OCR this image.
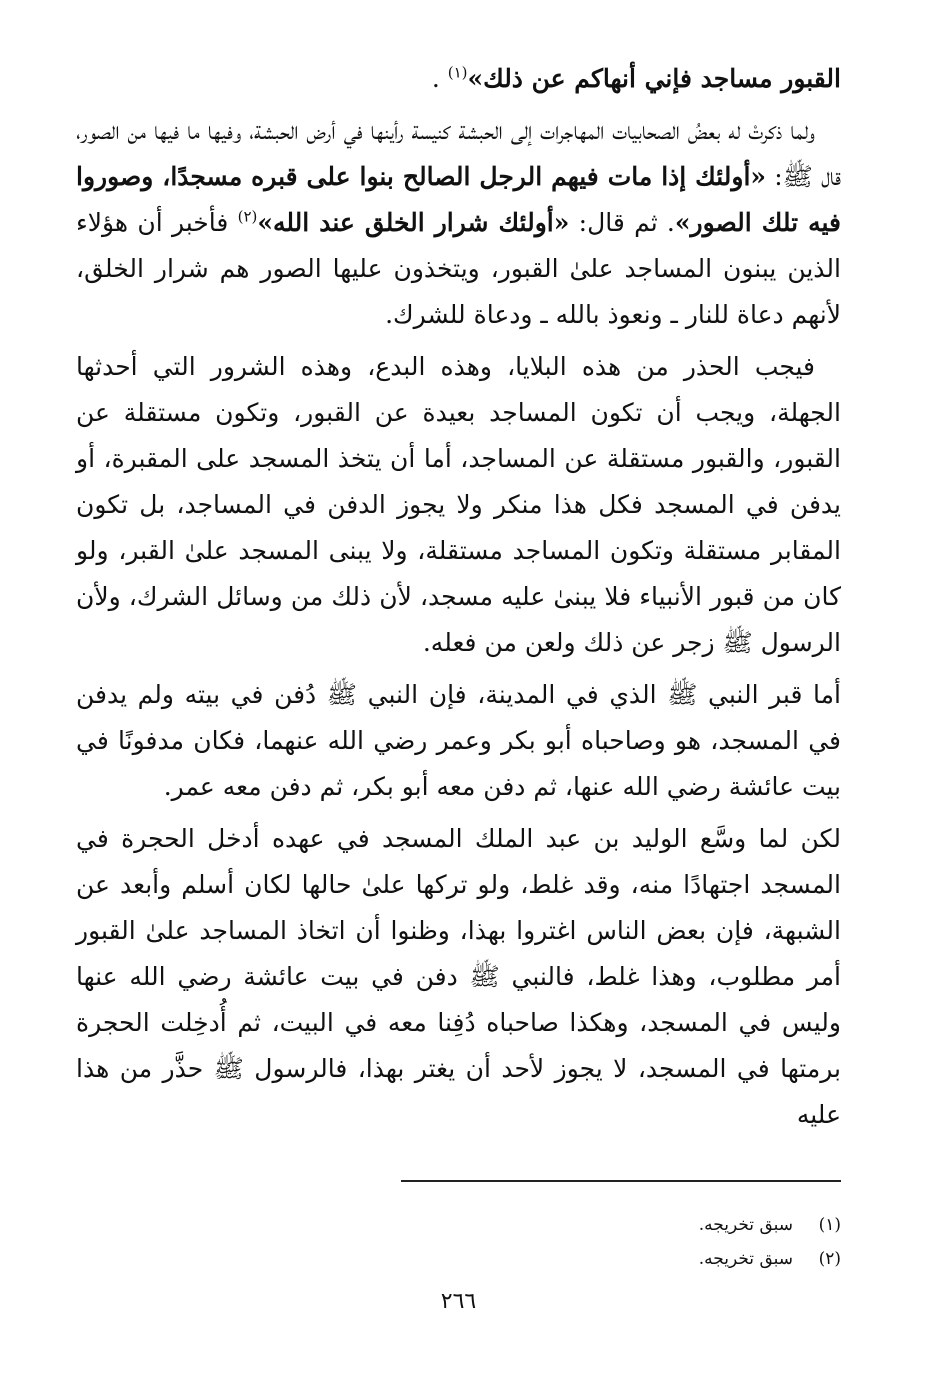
القبور مساجد فإني أنهاكم عن ذلك»$^{(١)}$ .

ولما ذكرتْ له بعضُ الصحابيات المهاجرات إلى الحبشة كنيسة رأينها في أرض الحبشة، وفيها ما فيها من الصور، قال ﷺ: «أولئك إذا مات فيهم الرجل الصالح بنوا على قبره مسجدًا، وصوروا فيه تلك الصور». ثم قال: «أولئك شرار الخلق عند الله»$^{(٢)}$ فأخبر أن هؤلاء الذين يبنون المساجد علىٰ القبور، ويتخذون عليها الصور هم شرار الخلق، لأنهم دعاة للنار ـ ونعوذ بالله ـ ودعاة للشرك.

فيجب الحذر من هذه البلايا، وهذه البدع، وهذه الشرور التي أحدثها الجهلة، ويجب أن تكون المساجد بعيدة عن القبور، وتكون مستقلة عن القبور، والقبور مستقلة عن المساجد، أما أن يتخذ المسجد على المقبرة، أو يدفن في المسجد فكل هذا منكر ولا يجوز الدفن في المساجد، بل تكون المقابر مستقلة وتكون المساجد مستقلة، ولا يبنى المسجد علىٰ القبر، ولو كان من قبور الأنبياء فلا يبنىٰ عليه مسجد، لأن ذلك من وسائل الشرك، ولأن الرسول ﷺ زجر عن ذلك ولعن من فعله.

أما قبر النبي ﷺ الذي في المدينة، فإن النبي ﷺ دُفن في بيته ولم يدفن في المسجد، هو وصاحباه أبو بكر وعمر رضي الله عنهما، فكان مدفونًا في بيت عائشة رضي الله عنها، ثم دفن معه أبو بكر، ثم دفن معه عمر.

لكن لما وسَّع الوليد بن عبد الملك المسجد في عهده أدخل الحجرة في المسجد اجتهادًا منه، وقد غلط، ولو تركها علىٰ حالها لكان أسلم وأبعد عن الشبهة، فإن بعض الناس اغتروا بهذا، وظنوا أن اتخاذ المساجد علىٰ القبور أمر مطلوب، وهذا غلط، فالنبي ﷺ دفن في بيت عائشة رضي الله عنها وليس في المسجد، وهكذا صاحباه دُفِنا معه في البيت، ثم أُدخِلت الحجرة برمتها في المسجد، لا يجوز لأحد أن يغتر بهذا، فالرسول ﷺ حذَّر من هذا عليه

(١)
سبق تخريجه.
(٢)
سبق تخريجه.
٢٦٦
